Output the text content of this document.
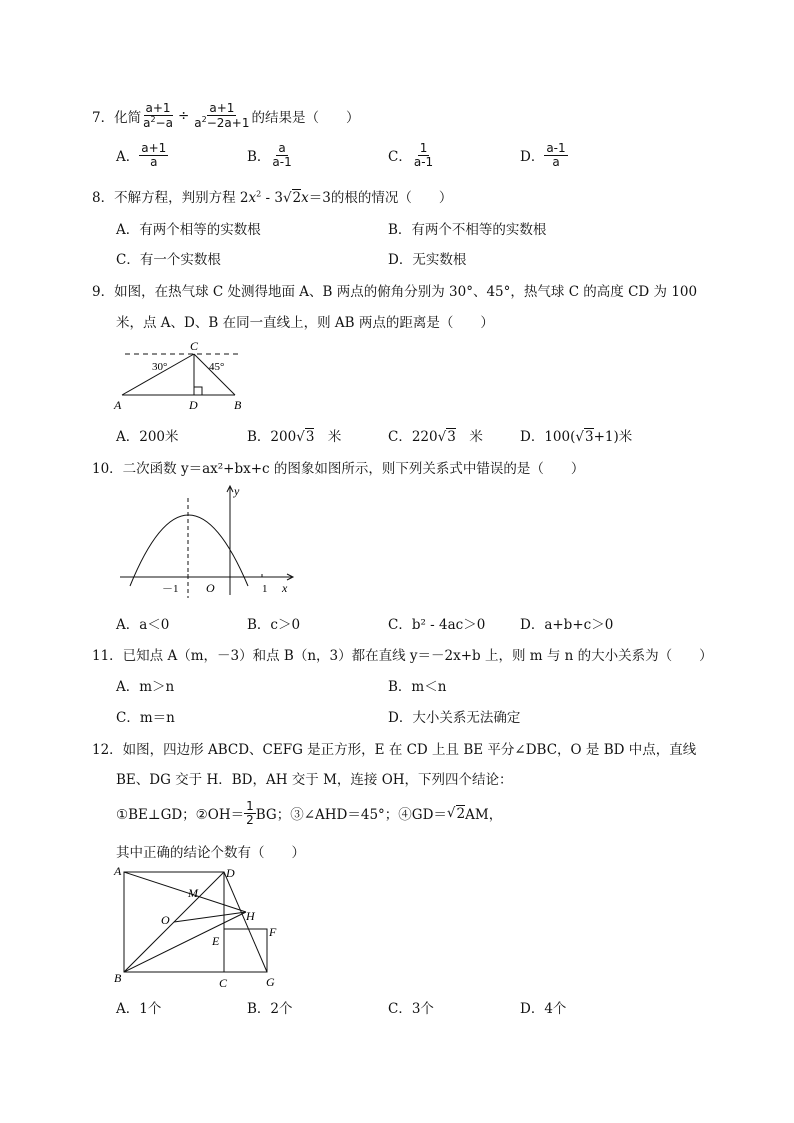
7． 化简 $\frac{a+1}{a^2-a} \div \frac{a+1}{a^2-2a+1}$ 的结果是（　　）
A． $\frac{a+1}{a}$	B． $\frac{a}{a-1}$	C． $\frac{1}{a-1}$	D． $\frac{a-1}{a}$
8．不解方程，判别方程 $2x^2 - 3√2x=3$的根的情况（　　）
A．有两个相等的实数根	B．有两个不相等的实数根
C．有一个实数根	D．无实数根
9．如图，在热气球 C 处测得地面 A、B 两点的俯角分别为 30°、45°，热气球 C 的高度 CD 为 100
米，点 A、D、B 在同一直线上，则 AB 两点的距离是（　　）
C
30°	45°
A	D	B
A．200米	B．200√3　 米	C．220√3　 米	D．100(√3+1)米
10．二次函数 y＝ax²+bx+c 的图象如图所示，则下列关系式中错误的是（　　）
y
x
O
－1	1
A．a＜0	B．c＞0	C．b² - 4ac＞0	D．a+b+c＞0
11．已知点 A（m，－3）和点 B（n，3）都在直线 y＝－2x+b 上，则 m 与 n 的大小关系为（　　）
A．m＞n	B．m＜n
C．m＝n	D．大小关系无法确定
12．如图，四边形 ABCD、CEFG 是正方形，E 在 CD 上且 BE 平分∠DBC，O 是 BD 中点，直线
BE、DG 交于 H．BD，AH 交于 M，连接 OH，下列四个结论：
①BE⊥GD；②OH＝ $\frac{1}{2}$ BG；③∠AHD＝45°；④GD＝ √ 2 AM，
其中正确的结论个数有（　　）
A	D
M
O	H
E
F
B	C	G
A．1个	B．2个	C．3个	D．4个
